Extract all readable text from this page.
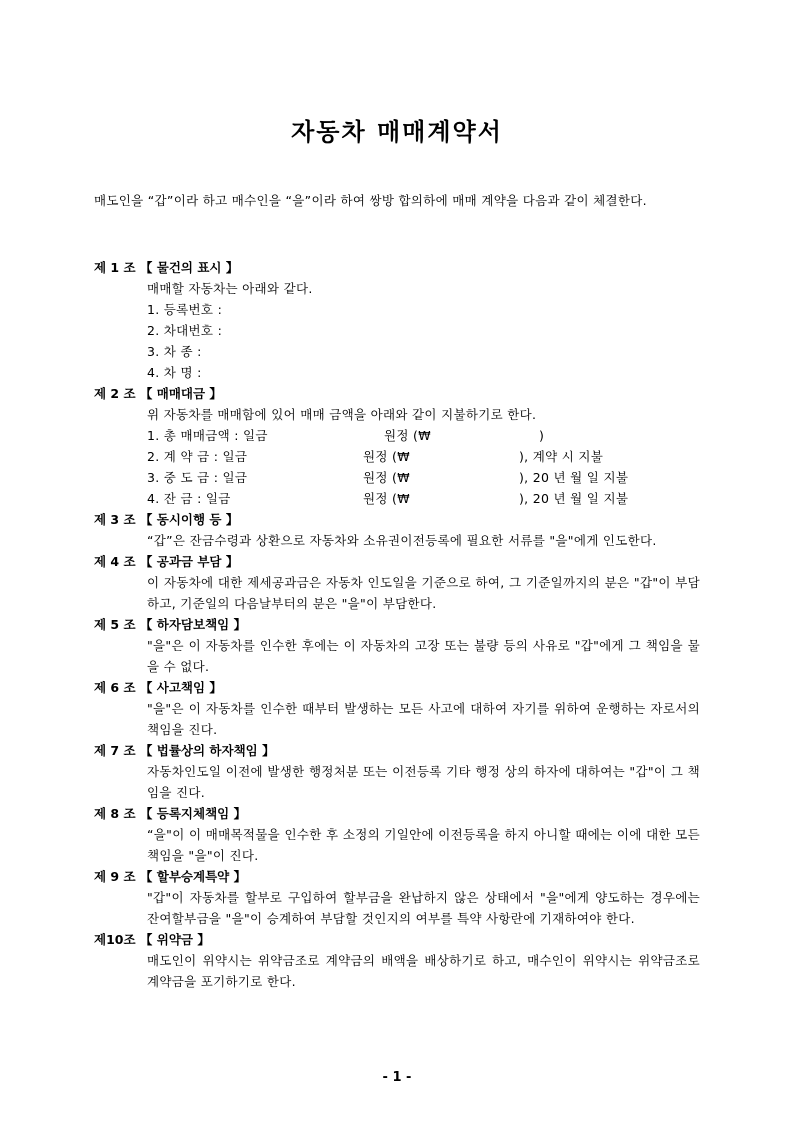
자동차 매매계약서
매도인을 “갑”이라 하고 매수인을 “을”이라 하여 쌍방 합의하에 매매 계약을 다음과 같이 체결한다.
제 1 조 【 물건의 표시 】
매매할 자동차는 아래와 같다.
1. 등록번호 :
2. 차대번호 :
3. 차 종 :
4. 차 명 :
제 2 조 【 매매대금 】
위 자동차를 매매함에 있어 매매 금액을 아래와 같이 지불하기로 한다.
1. 총 매매금액 : 일금	원정 (₩	)
2. 계 약 금 : 일금	원정 (₩	), 계약 시 지불
3. 중 도 금 : 일금	원정 (₩	), 20 년 월 일 지불
4. 잔 금 : 일금	원정 (₩	), 20 년 월 일 지불
제 3 조 【 동시이행 등 】
“갑”은 잔금수령과 상환으로 자동차와 소유권이전등록에 필요한 서류를 "을"에게 인도한다.
제 4 조 【 공과금 부담 】
이 자동차에 대한 제세공과금은 자동차 인도일을 기준으로 하여, 그 기준일까지의 분은 "갑"이 부담하고, 기준일의 다음날부터의 분은 "을"이 부담한다.
제 5 조 【 하자담보책임 】
"을"은 이 자동차를 인수한 후에는 이 자동차의 고장 또는 불량 등의 사유로 "갑"에게 그 책임을 물을 수 없다.
제 6 조 【 사고책임 】
"을"은 이 자동차를 인수한 때부터 발생하는 모든 사고에 대하여 자기를 위하여 운행하는 자로서의 책임을 진다.
제 7 조 【 법률상의 하자책임 】
자동차인도일 이전에 발생한 행정처분 또는 이전등록 기타 행정 상의 하자에 대하여는 "갑"이 그 책임을 진다.
제 8 조 【 등록지체책임 】
“을"이 이 매매목적물을 인수한 후 소정의 기일안에 이전등록을 하지 아니할 때에는 이에 대한 모든 책임을 "을"이 진다.
제 9 조 【 할부승계특약 】
"갑"이 자동차를 할부로 구입하여 할부금을 완납하지 않은 상태에서 "을"에게 양도하는 경우에는 잔여할부금을 "을"이 승계하여 부담할 것인지의 여부를 특약 사항란에 기재하여야 한다.
제10조 【 위약금 】
매도인이 위약시는 위약금조로 계약금의 배액을 배상하기로 하고, 매수인이 위약시는 위약금조로 계약금을 포기하기로 한다.
- 1 -
